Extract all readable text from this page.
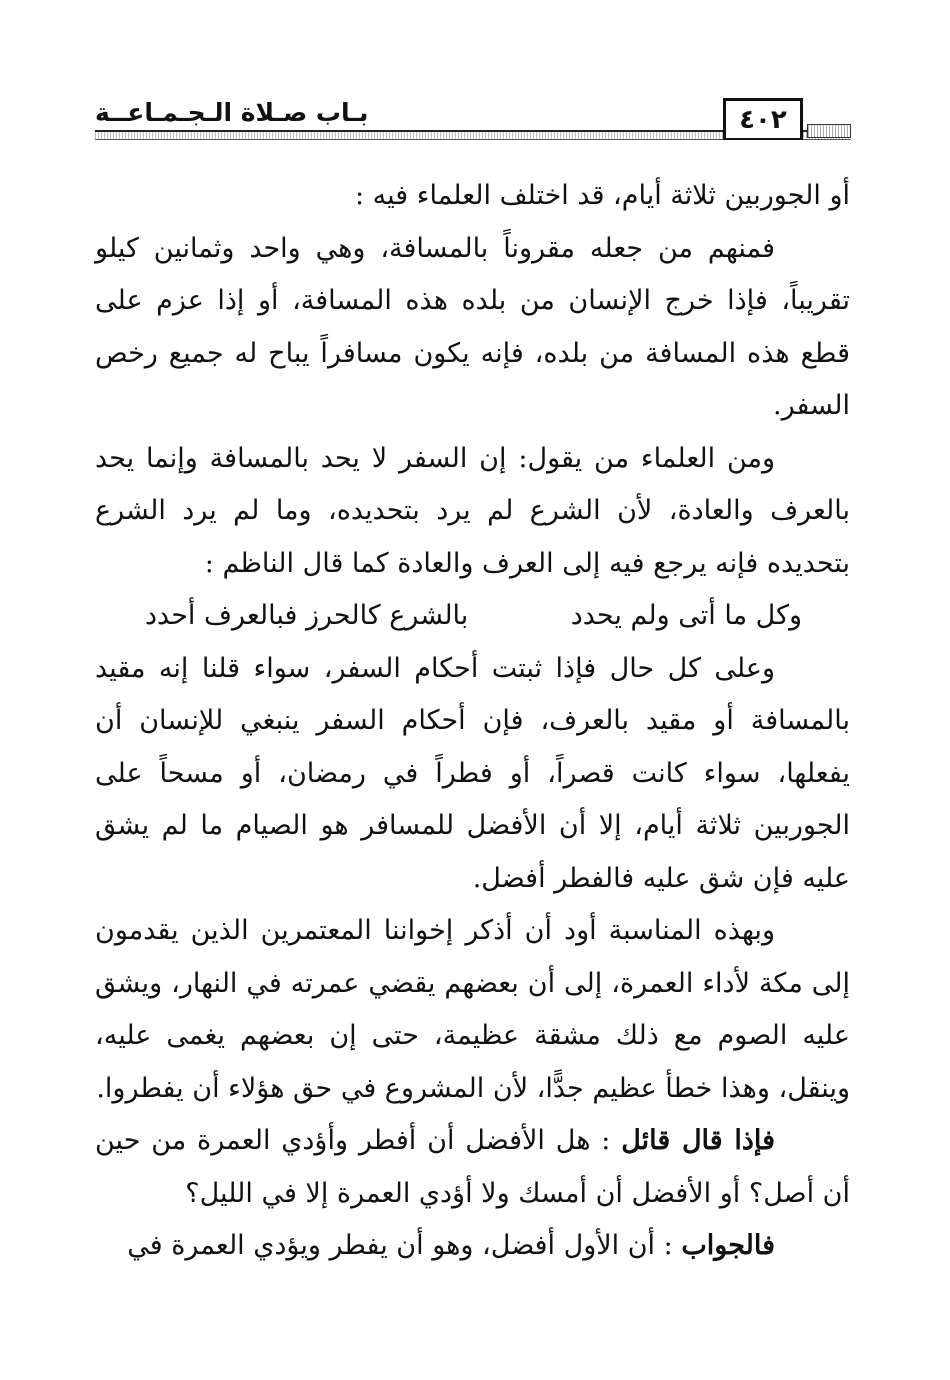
بـاب صـلاة الـجـمـاعــة	٤٠٢

أو الجوربين ثلاثة أيام، قد اختلف العلماء فيه :

فمنهم من جعله مقروناً بالمسافة، وهي واحد وثمانين كيلو تقريباً، فإذا خرج الإنسان من بلده هذه المسافة، أو إذا عزم على قطع هذه المسافة من بلده، فإنه يكون مسافراً يباح له جميع رخص السفر.

ومن العلماء من يقول: إن السفر لا يحد بالمسافة وإنما يحد بالعرف والعادة، لأن الشرع لم يرد بتحديده، وما لم يرد الشرع بتحديده فإنه يرجع فيه إلى العرف والعادة كما قال الناظم :

وكل ما أتى ولم يحدد
بالشرع كالحرز فبالعرف أحدد

وعلى كل حال فإذا ثبتت أحكام السفر، سواء قلنا إنه مقيد بالمسافة أو مقيد بالعرف، فإن أحكام السفر ينبغي للإنسان أن يفعلها، سواء كانت قصراً، أو فطراً في رمضان، أو مسحاً على الجوربين ثلاثة أيام، إلا أن الأفضل للمسافر هو الصيام ما لم يشق عليه فإن شق عليه فالفطر أفضل.

وبهذه المناسبة أود أن أذكر إخواننا المعتمرين الذين يقدمون إلى مكة لأداء العمرة، إلى أن بعضهم يقضي عمرته في النهار، ويشق عليه الصوم مع ذلك مشقة عظيمة، حتى إن بعضهم يغمى عليه، وينقل، وهذا خطأ عظيم جدًّا، لأن المشروع في حق هؤلاء أن يفطروا.

فإذا قال قائل : هل الأفضل أن أفطر وأؤدي العمرة من حين أن أصل؟ أو الأفضل أن أمسك ولا أؤدي العمرة إلا في الليل؟

فالجواب : أن الأول أفضل، وهو أن يفطر ويؤدي العمرة في
